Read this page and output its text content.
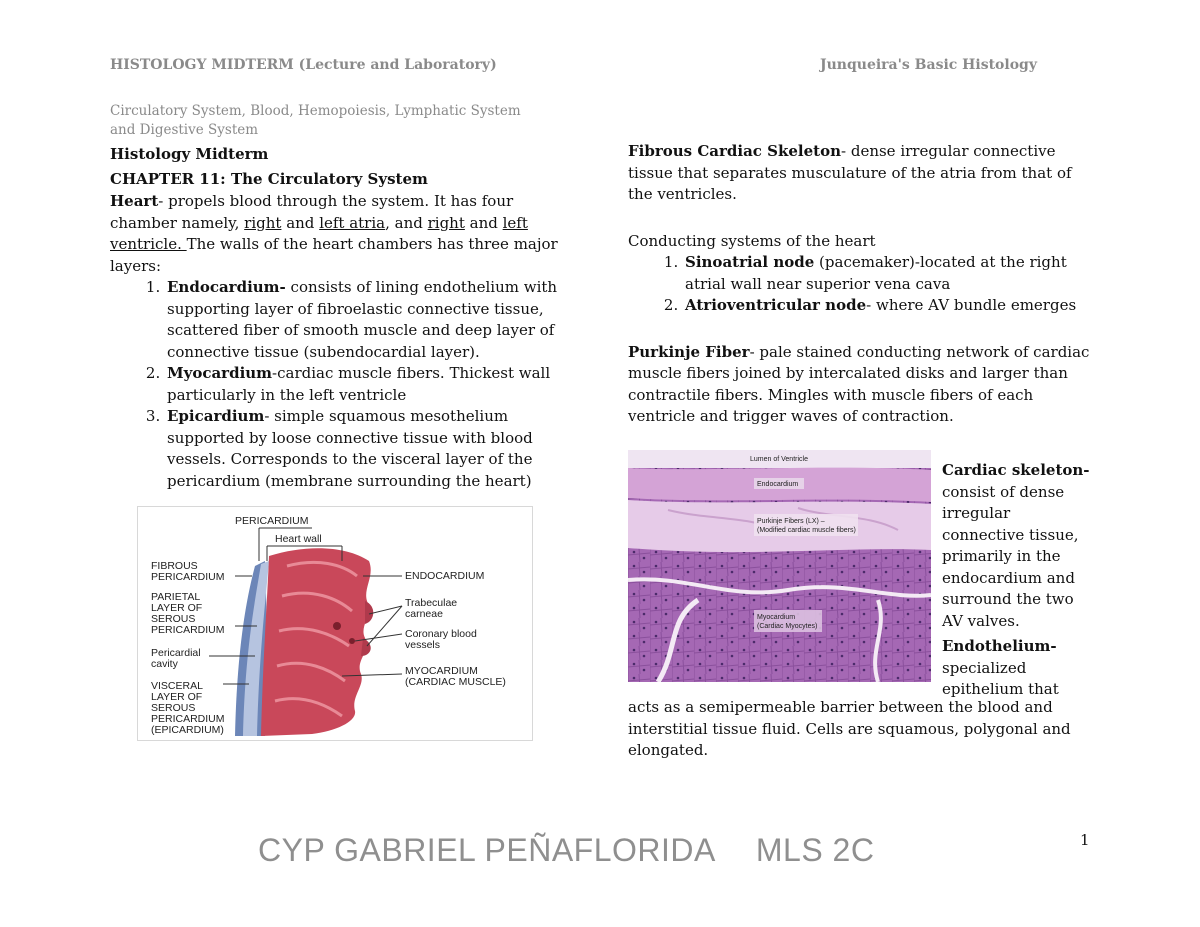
HISTOLOGY MIDTERM (Lecture and Laboratory)	Junqueira's Basic Histology
Circulatory System, Blood, Hemopoiesis, Lymphatic System
and Digestive System

Histology Midterm

CHAPTER 11: The Circulatory System

Heart- propels blood through the system. It has four chamber namely, right and left atria, and right and left ventricle. The walls of the heart chambers has three major layers:

1. Endocardium- consists of lining endothelium with supporting layer of fibroelastic connective tissue, scattered fiber of smooth muscle and deep layer of connective tissue (subendocardial layer).
2. Myocardium-cardiac muscle fibers. Thickest wall particularly in the left ventricle
3. Epicardium- simple squamous mesothelium supported by loose connective tissue with blood vessels. Corresponds to the visceral layer of the pericardium (membrane surrounding the heart)
PERICARDIUM
Heart wall
FIBROUS
PERICARDIUM
PARIETAL
LAYER OF
SEROUS
PERICARDIUM
Pericardial
cavity
VISCERAL
LAYER OF
SEROUS
PERICARDIUM
(EPICARDIUM)
ENDOCARDIUM
Trabeculae
carneae
Coronary blood
vessels
MYOCARDIUM
(CARDIAC MUSCLE)

Fibrous Cardiac Skeleton- dense irregular connective tissue that separates musculature of the atria from that of the ventricles.

Conducting systems of the heart

1. Sinoatrial node (pacemaker)-located at the right atrial wall near superior vena cava
2. Atrioventricular node- where AV bundle emerges

Purkinje Fiber- pale stained conducting network of cardiac muscle fibers joined by intercalated disks and larger than contractile fibers. Mingles with muscle fibers of each ventricle and trigger waves of contraction.

Lumen of Ventricle
Endocardium
Purkinje Fibers (LX) –
(Modified cardiac muscle fibers)
Myocardium
(Cardiac Myocytes)

Cardiac skeleton- consist of dense irregular connective tissue, primarily in the endocardium and surround the two AV valves.

Endothelium- specialized epithelium that

acts as a semipermeable barrier between the blood and interstitial tissue fluid. Cells are squamous, polygonal and elongated.

CYP GABRIEL PEÑAFLORIDA MLS 2C	1
